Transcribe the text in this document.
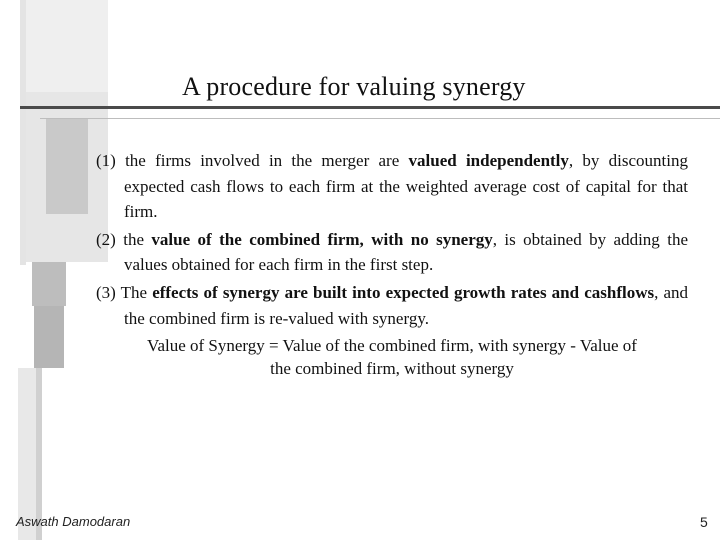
A procedure for valuing synergy

(1) the firms involved in the merger are valued independently, by discounting expected cash flows to each firm at the weighted average cost of capital for that firm.

(2) the value of the combined firm, with no synergy, is obtained by adding the values obtained for each firm in the first step.

(3) The effects of synergy are built into expected growth rates and cashflows, and the combined firm is re-valued with synergy.

Value of Synergy = Value of the combined firm, with synergy - Value of
the combined firm, without synergy
Aswath Damodaran	5
